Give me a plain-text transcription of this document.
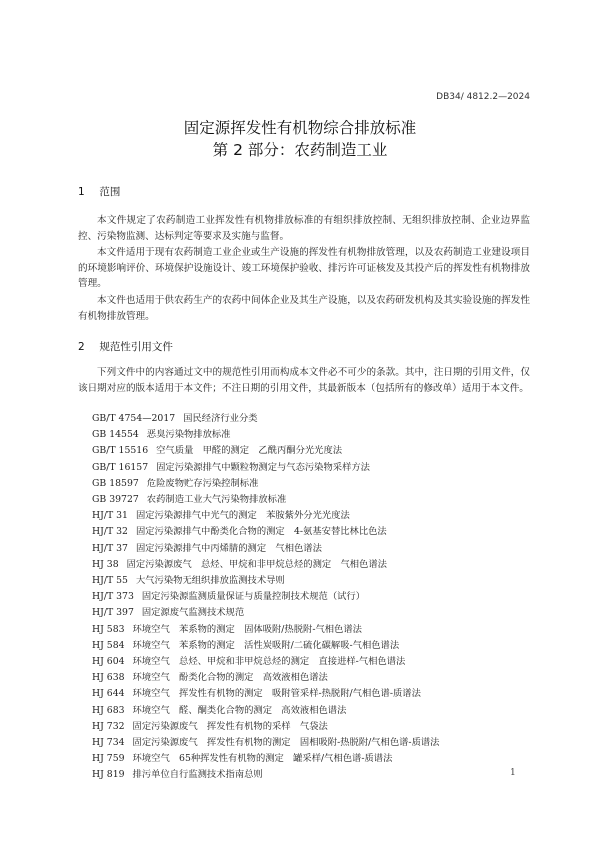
DB34/ 4812.2—2024
固定源挥发性有机物综合排放标准
第 2 部分：农药制造工业
1 范围

本文件规定了农药制造工业挥发性有机物排放标准的有组织排放控制、无组织排放控制、企业边界监控、污染物监测、达标判定等要求及实施与监督。

本文件适用于现有农药制造工业企业或生产设施的挥发性有机物排放管理，以及农药制造工业建设项目的环境影响评价、环境保护设施设计、竣工环境保护验收、排污许可证核发及其投产后的挥发性有机物排放管理。

本文件也适用于供农药生产的农药中间体企业及其生产设施，以及农药研发机构及其实验设施的挥发性有机物排放管理。

2 规范性引用文件

下列文件中的内容通过文中的规范性引用而构成本文件必不可少的条款。其中，注日期的引用文件，仅该日期对应的版本适用于本文件；不注日期的引用文件，其最新版本（包括所有的修改单）适用于本文件。

GB/T 4754—2017 国民经济行业分类
GB 14554 恶臭污染物排放标准
GB/T 15516 空气质量　甲醛的测定　乙酰丙酮分光光度法
GB/T 16157 固定污染源排气中颗粒物测定与气态污染物采样方法
GB 18597 危险废物贮存污染控制标准
GB 39727 农药制造工业大气污染物排放标准
HJ/T 31 固定污染源排气中光气的测定　苯胺紫外分光光度法
HJ/T 32 固定污染源排气中酚类化合物的测定　4-氨基安替比林比色法
HJ/T 37 固定污染源排气中丙烯腈的测定　气相色谱法
HJ 38 固定污染源废气　总烃、甲烷和非甲烷总烃的测定　气相色谱法
HJ/T 55 大气污染物无组织排放监测技术导则
HJ/T 373 固定污染源监测质量保证与质量控制技术规范（试行）
HJ/T 397 固定源废气监测技术规范
HJ 583 环境空气　苯系物的测定　固体吸附/热脱附-气相色谱法
HJ 584 环境空气　苯系物的测定　活性炭吸附/二硫化碳解吸-气相色谱法
HJ 604 环境空气　总烃、甲烷和非甲烷总烃的测定　直接进样-气相色谱法
HJ 638 环境空气　酚类化合物的测定　高效液相色谱法
HJ 644 环境空气　挥发性有机物的测定　吸附管采样-热脱附/气相色谱-质谱法
HJ 683 环境空气　醛、酮类化合物的测定　高效液相色谱法
HJ 732 固定污染源废气　挥发性有机物的采样　气袋法
HJ 734 固定污染源废气　挥发性有机物的测定　固相吸附-热脱附/气相色谱-质谱法
HJ 759 环境空气　65种挥发性有机物的测定　罐采样/气相色谱-质谱法
HJ 819 排污单位自行监测技术指南总则	1
